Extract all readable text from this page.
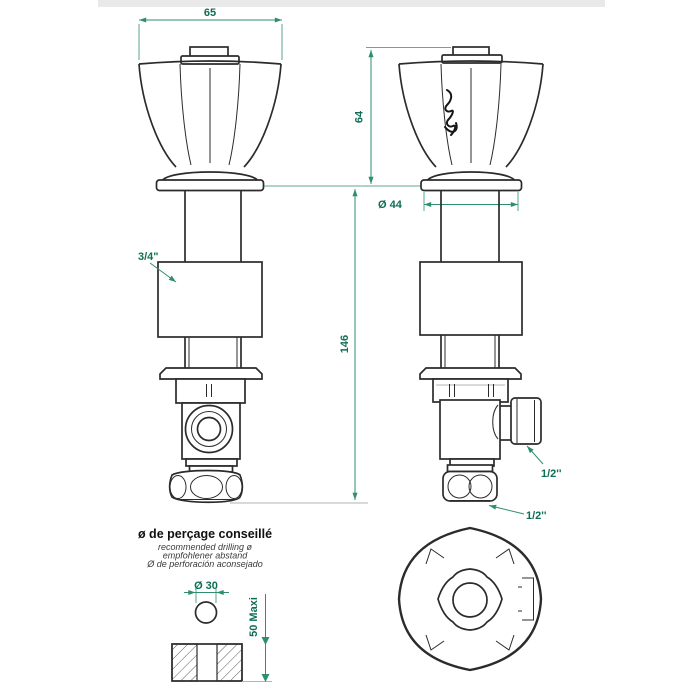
65
3/4"
146
64
Ø 44
1/2''
1/2''
ø de perçage conseillé
recommended drilling ø
empfohlener abstand
Ø de perforación aconsejado
Ø 30
50 Maxi
